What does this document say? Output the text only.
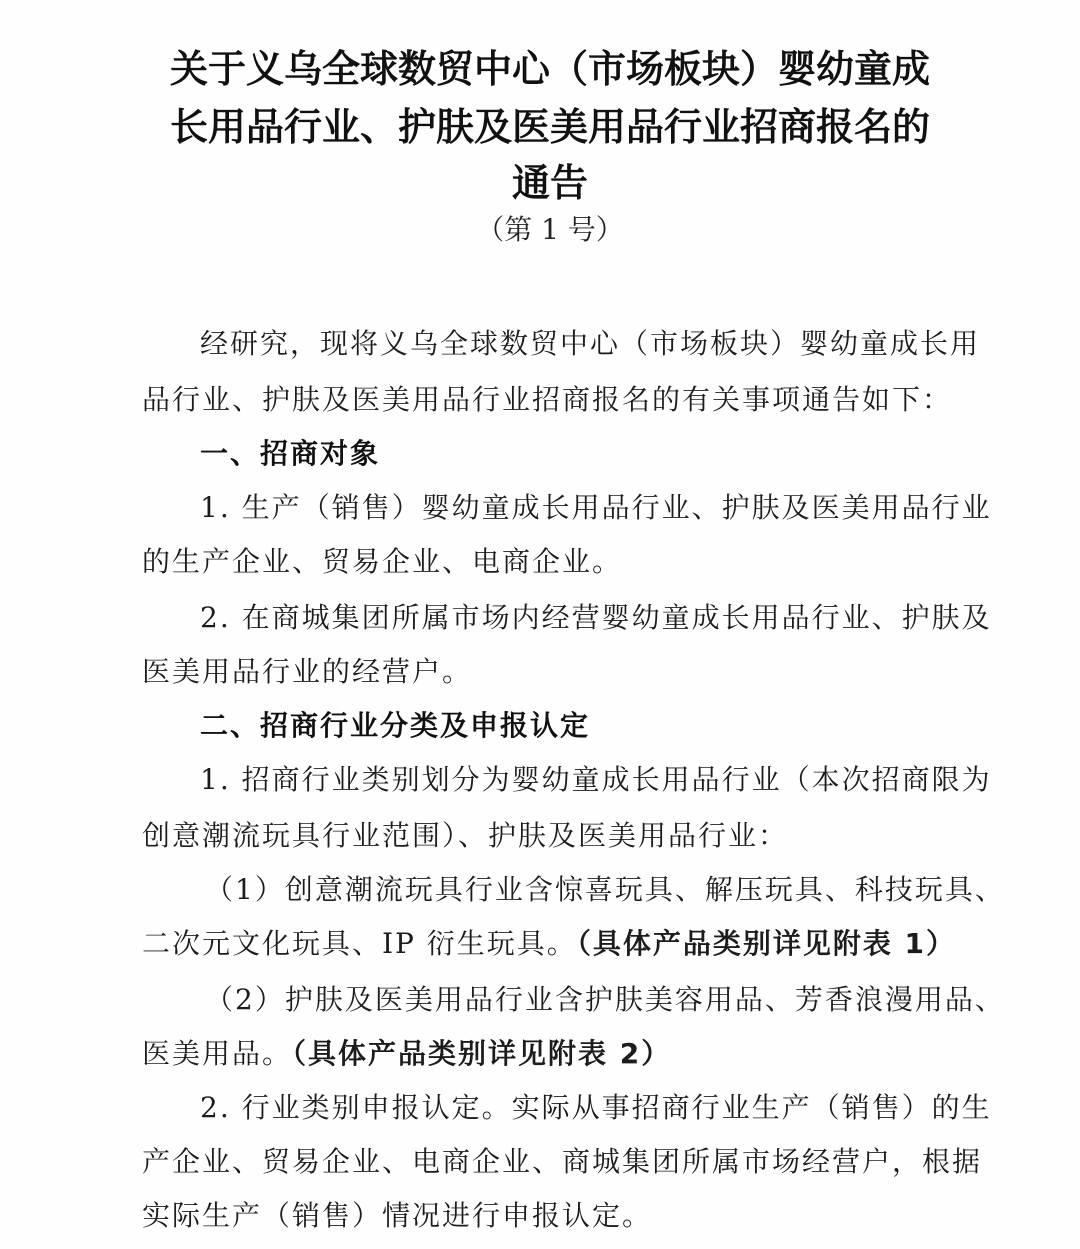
关于义乌全球数贸中心（市场板块）婴幼童成
长用品行业、护肤及医美用品行业招商报名的
通告
（第 1 号）
经研究，现将义乌全球数贸中心（市场板块）婴幼童成长用
品行业、护肤及医美用品行业招商报名的有关事项通告如下：
一、招商对象
1. 生产（销售）婴幼童成长用品行业、护肤及医美用品行业
的生产企业、贸易企业、电商企业。
2. 在商城集团所属市场内经营婴幼童成长用品行业、护肤及
医美用品行业的经营户。
二、招商行业分类及申报认定
1. 招商行业类别划分为婴幼童成长用品行业（本次招商限为
创意潮流玩具行业范围）、护肤及医美用品行业：
（1）创意潮流玩具行业含惊喜玩具、解压玩具、科技玩具、
二次元文化玩具、IP 衍生玩具。（具体产品类别详见附表 1）
（2）护肤及医美用品行业含护肤美容用品、芳香浪漫用品、
医美用品。（具体产品类别详见附表 2）
2. 行业类别申报认定。实际从事招商行业生产（销售）的生
产企业、贸易企业、电商企业、商城集团所属市场经营户，根据
实际生产（销售）情况进行申报认定。
